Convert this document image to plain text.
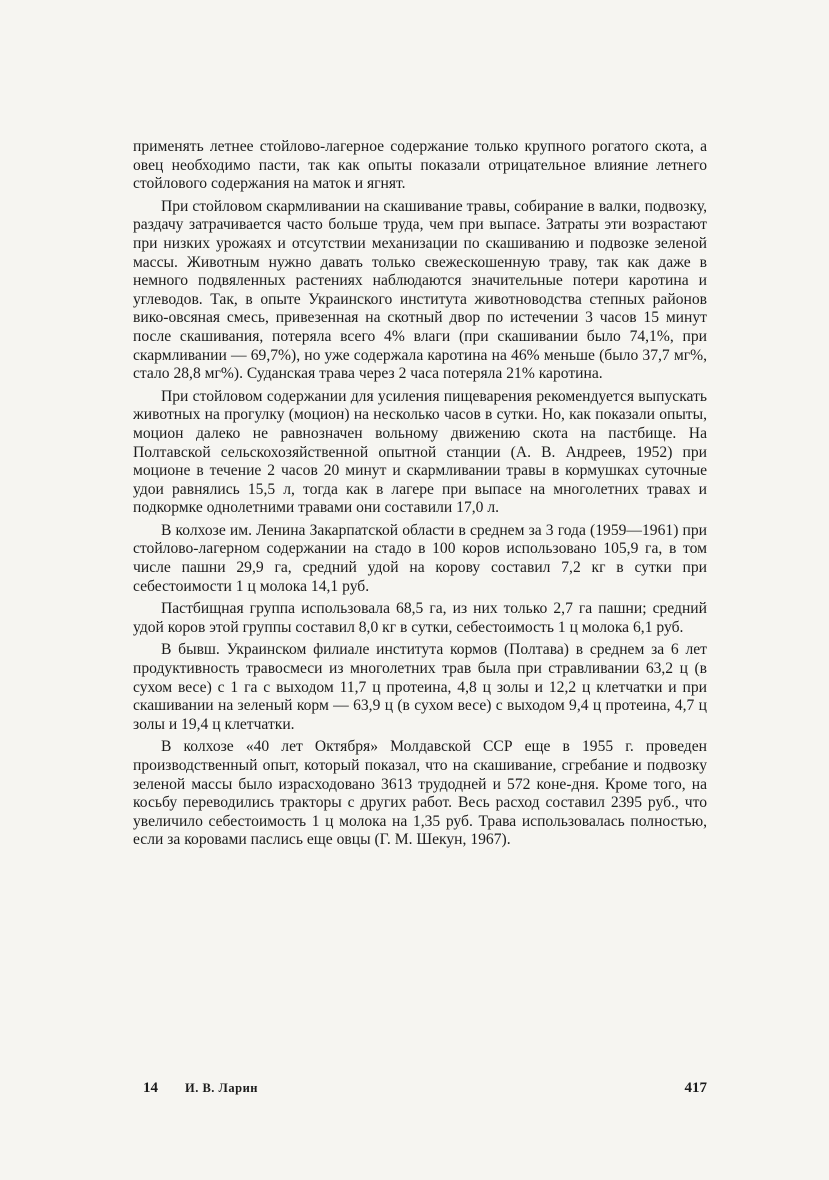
применять летнее стойлово-лагерное содержание только крупного рогатого скота, а овец необходимо пасти, так как опыты показали отрицательное влияние летнего стойлового содержания на маток и ягнят.

При стойловом скармливании на скашивание травы, собирание в валки, подвозку, раздачу затрачивается часто больше труда, чем при выпасе. Затраты эти возрастают при низких урожаях и отсутствии механизации по скашиванию и подвозке зеленой массы. Животным нужно давать только свежескошенную траву, так как даже в немного подвяленных растениях наблюдаются значительные потери каротина и углеводов. Так, в опыте Украинского института животноводства степных районов вико-овсяная смесь, привезенная на скотный двор по истечении 3 часов 15 минут после скашивания, потеряла всего 4% влаги (при скашивании было 74,1%, при скармливании — 69,7%), но уже содержала каротина на 46% меньше (было 37,7 мг%, стало 28,8 мг%). Суданская трава через 2 часа потеряла 21% каротина.

При стойловом содержании для усиления пищеварения рекомендуется выпускать животных на прогулку (моцион) на несколько часов в сутки. Но, как показали опыты, моцион далеко не равнозначен вольному движению скота на пастбище. На Полтавской сельскохозяйственной опытной станции (А. В. Андреев, 1952) при моционе в течение 2 часов 20 минут и скармливании травы в кормушках суточные удои равнялись 15,5 л, тогда как в лагере при выпасе на многолетних травах и подкормке однолетними травами они составили 17,0 л.

В колхозе им. Ленина Закарпатской области в среднем за 3 года (1959—1961) при стойлово-лагерном содержании на стадо в 100 коров использовано 105,9 га, в том числе пашни 29,9 га, средний удой на корову составил 7,2 кг в сутки при себестоимости 1 ц молока 14,1 руб.

Пастбищная группа использовала 68,5 га, из них только 2,7 га пашни; средний удой коров этой группы составил 8,0 кг в сутки, себестоимость 1 ц молока 6,1 руб.

В бывш. Украинском филиале института кормов (Полтава) в среднем за 6 лет продуктивность травосмеси из многолетних трав была при стравливании 63,2 ц (в сухом весе) с 1 га с выходом 11,7 ц протеина, 4,8 ц золы и 12,2 ц клетчатки и при скашивании на зеленый корм — 63,9 ц (в сухом весе) с выходом 9,4 ц протеина, 4,7 ц золы и 19,4 ц клетчатки.

В колхозе «40 лет Октября» Молдавской ССР еще в 1955 г. проведен производственный опыт, который показал, что на скашивание, сгребание и подвозку зеленой массы было израсходовано 3613 трудодней и 572 коне-дня. Кроме того, на косьбу переводились тракторы с других работ. Весь расход составил 2395 руб., что увеличило себестоимость 1 ц молока на 1,35 руб. Трава использовалась полностью, если за коровами паслись еще овцы (Г. М. Шекун, 1967).

14 И. В. Ларин	417
